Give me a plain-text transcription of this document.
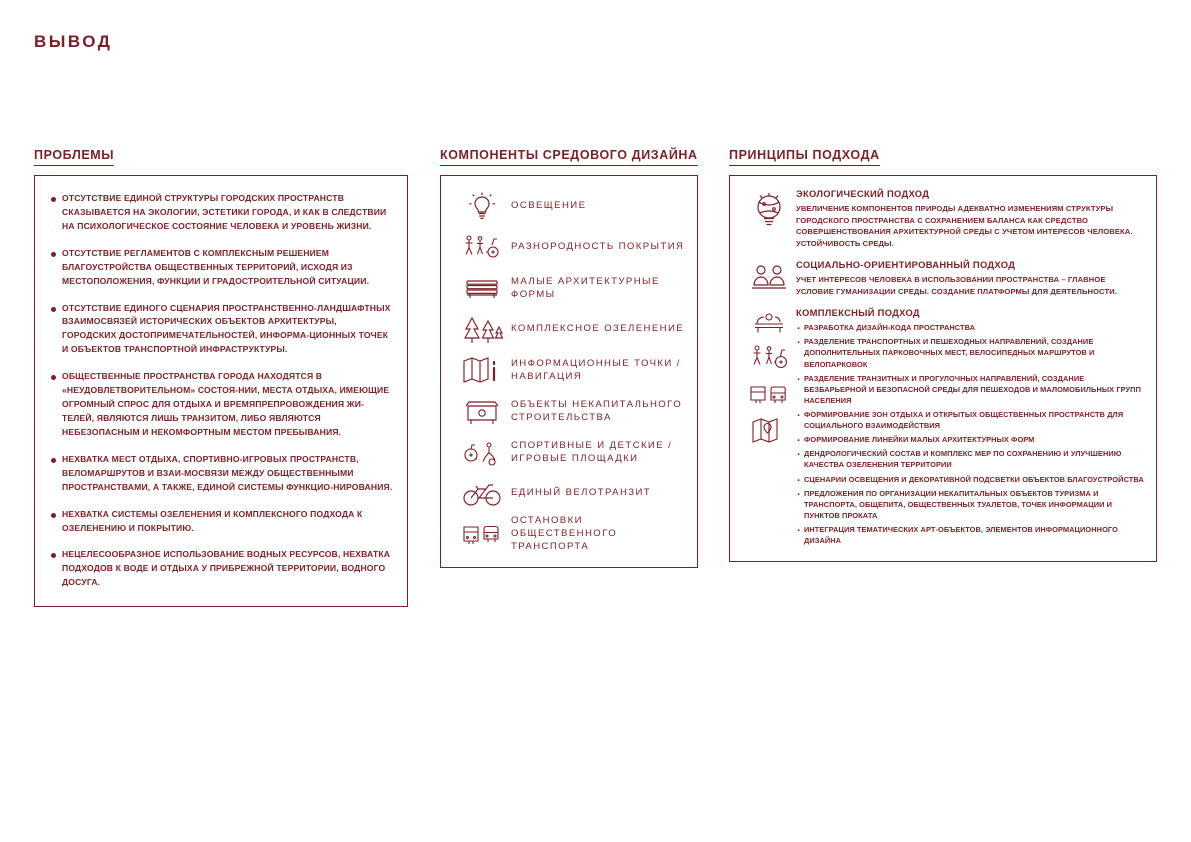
ВЫВОД
ПРОБЛЕМЫ
ОТСУТСТВИЕ ЕДИНОЙ СТРУКТУРЫ ГОРОДСКИХ ПРОСТРАНСТВ СКАЗЫВАЕТСЯ НА ЭКОЛОГИИ, ЭСТЕТИКИ ГОРОДА, И КАК В СЛЕДСТВИИ НА ПСИХОЛОГИЧЕСКОЕ СОСТОЯНИЕ ЧЕЛОВЕКА И УРОВЕНЬ ЖИЗНИ.
ОТСУТСТВИЕ РЕГЛАМЕНТОВ С КОМПЛЕКСНЫМ РЕШЕНИЕМ БЛАГОУСТРОЙСТВА ОБЩЕСТВЕННЫХ ТЕРРИТОРИЙ, ИСХОДЯ ИЗ МЕСТОПОЛОЖЕНИЯ, ФУНКЦИИ И ГРАДОСТРОИТЕЛЬНОЙ СИТУАЦИИ.
ОТСУТСТВИЕ ЕДИНОГО СЦЕНАРИЯ ПРОСТРАНСТВЕННО-ЛАНДШАФТНЫХ ВЗАИМОСВЯЗЕЙ ИСТОРИЧЕСКИХ ОБЪЕКТОВ АРХИТЕКТУРЫ, ГОРОДСКИХ ДОСТОПРИМЕЧАТЕЛЬНОСТЕЙ, ИНФОРМА-ЦИОННЫХ ТОЧЕК И ОБЪЕКТОВ ТРАНСПОРТНОЙ ИНФРАСТРУКТУРЫ.
ОБЩЕСТВЕННЫЕ ПРОСТРАНСТВА ГОРОДА НАХОДЯТСЯ В «НЕУДОВЛЕТВОРИТЕЛЬНОМ» СОСТОЯ-НИИ, МЕСТА ОТДЫХА, ИМЕЮЩИЕ ОГРОМНЫЙ СПРОС ДЛЯ ОТДЫХА И ВРЕМЯПРЕПРОВОЖДЕНИЯ ЖИ-ТЕЛЕЙ, ЯВЛЯЮТСЯ ЛИШЬ ТРАНЗИТОМ, ЛИБО ЯВЛЯЮТСЯ НЕБЕЗОПАСНЫМ И НЕКОМФОРТНЫМ МЕСТОМ ПРЕБЫВАНИЯ.
НЕХВАТКА МЕСТ ОТДЫХА, СПОРТИВНО-ИГРОВЫХ ПРОСТРАНСТВ, ВЕЛОМАРШРУТОВ И ВЗАИ-МОСВЯЗИ МЕЖДУ ОБЩЕСТВЕННЫМИ ПРОСТРАНСТВАМИ, А ТАКЖЕ, ЕДИНОЙ СИСТЕМЫ ФУНКЦИО-НИРОВАНИЯ.
НЕХВАТКА СИСТЕМЫ ОЗЕЛЕНЕНИЯ И КОМПЛЕКСНОГО ПОДХОДА К ОЗЕЛЕНЕНИЮ И ПОКРЫТИЮ.
НЕЦЕЛЕСООБРАЗНОЕ ИСПОЛЬЗОВАНИЕ ВОДНЫХ РЕСУРСОВ, НЕХВАТКА ПОДХОДОВ К ВОДЕ И ОТДЫХА У ПРИБРЕЖНОЙ ТЕРРИТОРИИ, ВОДНОГО ДОСУГА.
КОМПОНЕНТЫ СРЕДОВОГО ДИЗАЙНА
ОСВЕЩЕНИЕ
РАЗНОРОДНОСТЬ ПОКРЫТИЯ
МАЛЫЕ АРХИТЕКТУРНЫЕ ФОРМЫ
КОМПЛЕКСНОЕ ОЗЕЛЕНЕНИЕ
ИНФОРМАЦИОННЫЕ ТОЧКИ / НАВИГАЦИЯ
ОБЪЕКТЫ НЕКАПИТАЛЬНОГО СТРОИТЕЛЬСТВА
СПОРТИВНЫЕ И ДЕТСКИЕ / ИГРОВЫЕ ПЛОЩАДКИ
ЕДИНЫЙ ВЕЛОТРАНЗИТ
ОСТАНОВКИ ОБЩЕСТВЕННОГО ТРАНСПОРТА
ПРИНЦИПЫ ПОДХОДА
ЭКОЛОГИЧЕСКИЙ ПОДХОД
УВЕЛИЧЕНИЕ КОМПОНЕНТОВ ПРИРОДЫ АДЕКВАТНО ИЗМЕНЕНИЯМ СТРУКТУРЫ ГОРОДСКОГО ПРОСТРАНСТВА С СОХРАНЕНИЕМ БАЛАНСА КАК СРЕДСТВО СОВЕРШЕНСТВОВАНИЯ АРХИТЕКТУРНОЙ СРЕДЫ С УЧЕТОМ ИНТЕРЕСОВ ЧЕЛОВЕКА. УСТОЙЧИВОСТЬ СРЕДЫ.
СОЦИАЛЬНО-ОРИЕНТИРОВАННЫЙ ПОДХОД
УЧЕТ ИНТЕРЕСОВ ЧЕЛОВЕКА В ИСПОЛЬЗОВАНИИ ПРОСТРАНСТВА – ГЛАВНОЕ УСЛОВИЕ ГУМАНИЗАЦИИ СРЕДЫ. СОЗДАНИЕ ПЛАТФОРМЫ ДЛЯ ДЕЯТЕЛЬНОСТИ.
КОМПЛЕКСНЫЙ ПОДХОД
· РАЗРАБОТКА ДИЗАЙН-КОДА ПРОСТРАНСТВА
· РАЗДЕЛЕНИЕ ТРАНСПОРТНЫХ И ПЕШЕХОДНЫХ НАПРАВЛЕНИЙ, СОЗДАНИЕ ДОПОЛНИТЕЛЬНЫХ ПАРКОВОЧНЫХ МЕСТ, ВЕЛОСИПЕДНЫХ МАРШРУТОВ И ВЕЛОПАРКОВОК
· РАЗДЕЛЕНИЕ ТРАНЗИТНЫХ И ПРОГУЛОЧНЫХ НАПРАВЛЕНИЙ, СОЗДАНИЕ БЕЗБАРЬЕРНОЙ И БЕЗОПАСНОЙ СРЕДЫ ДЛЯ ПЕШЕХОДОВ И МАЛОМОБИЛЬНЫХ ГРУПП НАСЕЛЕНИЯ
· ФОРМИРОВАНИЕ ЗОН ОТДЫХА И ОТКРЫТЫХ ОБЩЕСТВЕННЫХ ПРОСТРАНСТВ ДЛЯ СОЦИАЛЬНОГО ВЗАИМОДЕЙСТВИЯ
· ФОРМИРОВАНИЕ ЛИНЕЙКИ МАЛЫХ АРХИТЕКТУРНЫХ ФОРМ
· ДЕНДРОЛОГИЧЕСКИЙ СОСТАВ И КОМПЛЕКС МЕР ПО СОХРАНЕНИЮ И УЛУЧШЕНИЮ КАЧЕСТВА ОЗЕЛЕНЕНИЯ ТЕРРИТОРИИ
· СЦЕНАРИИ ОСВЕЩЕНИЯ И ДЕКОРАТИВНОЙ ПОДСВЕТКИ ОБЪЕКТОВ БЛАГОУСТРОЙСТВА
· ПРЕДЛОЖЕНИЯ ПО ОРГАНИЗАЦИИ НЕКАПИТАЛЬНЫХ ОБЪЕКТОВ ТУРИЗМА И ТРАНСПОРТА, ОБЩЕПИТА, ОБЩЕСТВЕННЫХ ТУАЛЕТОВ, ТОЧЕК ИНФОРМАЦИИ И ПУНКТОВ ПРОКАТА
· ИНТЕГРАЦИЯ ТЕМАТИЧЕСКИХ АРТ-ОБЪЕКТОВ, ЭЛЕМЕНТОВ ИНФОРМАЦИОННОГО ДИЗАЙНА
